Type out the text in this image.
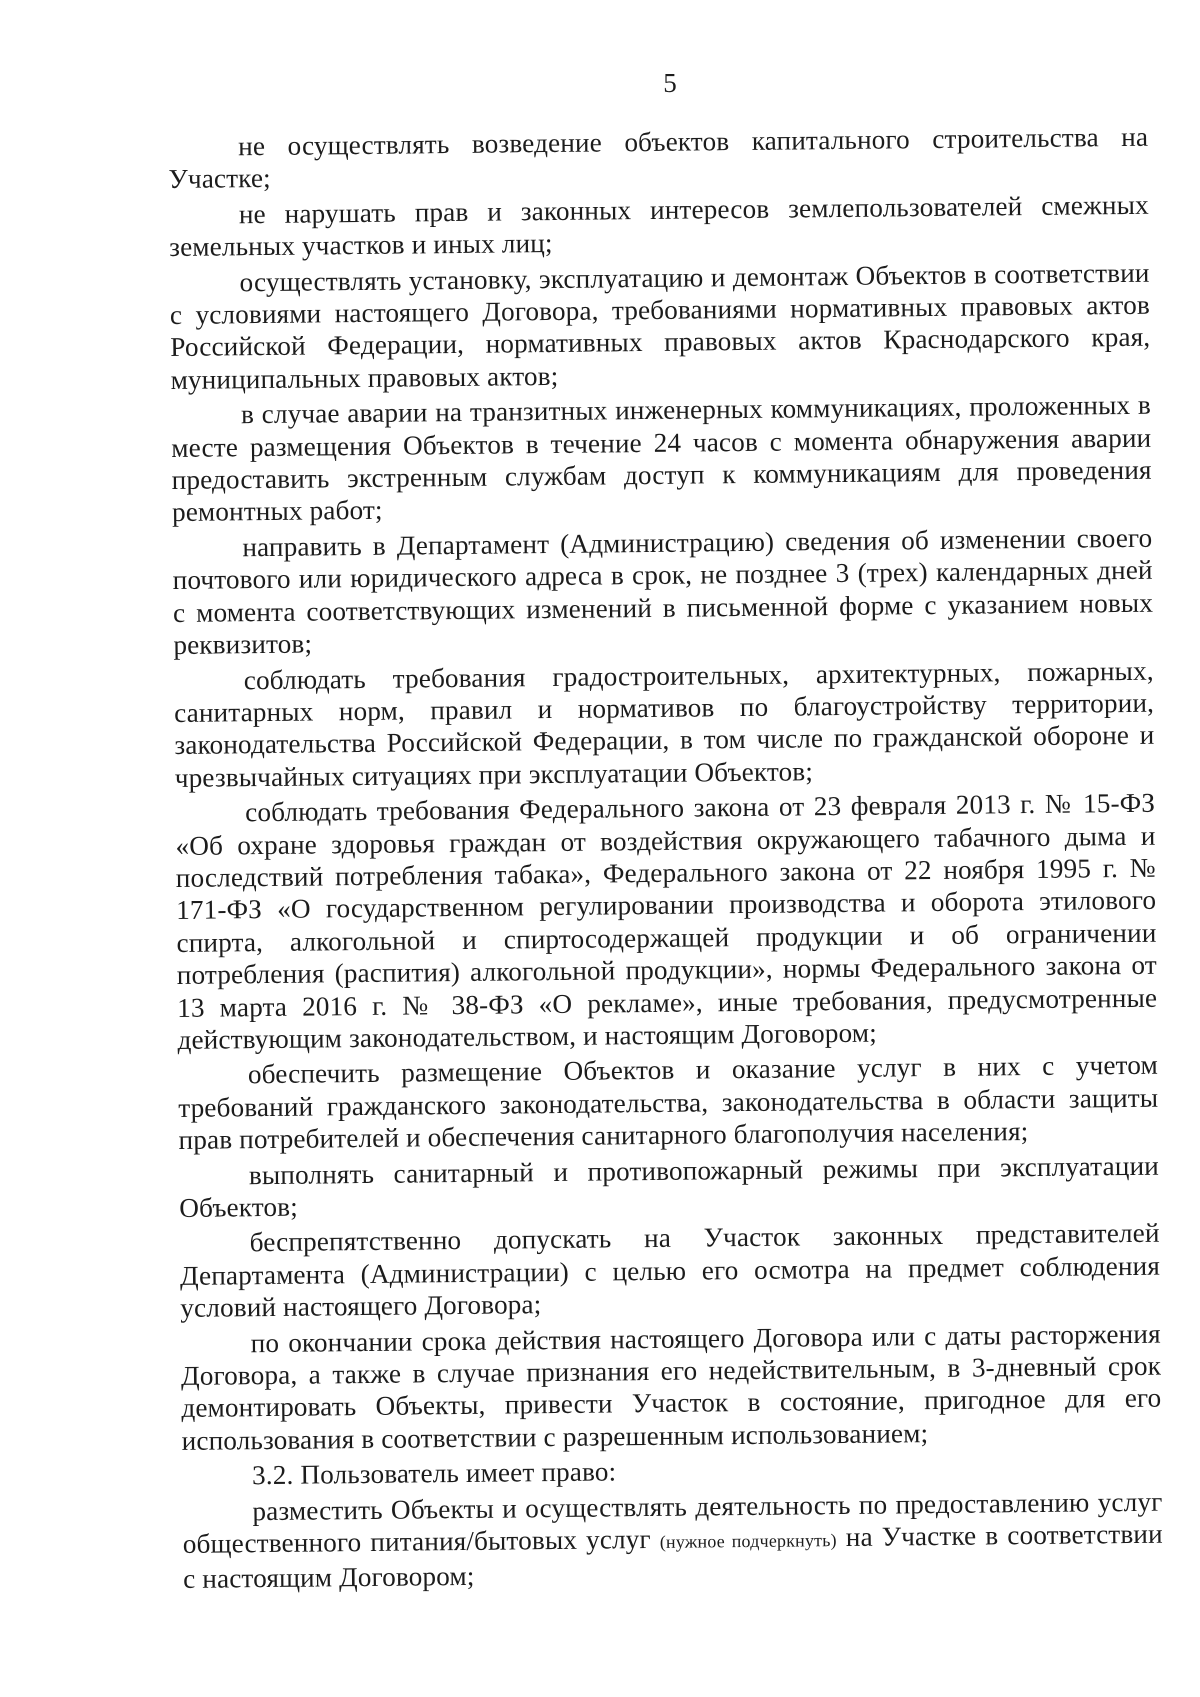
5

не осуществлять возведение объектов капитального строительства на Участке;

не нарушать прав и законных интересов землепользователей смежных земельных участков и иных лиц;

осуществлять установку, эксплуатацию и демонтаж Объектов в соответствии с условиями настоящего Договора, требованиями нормативных правовых актов Российской Федерации, нормативных правовых актов Краснодарского края, муниципальных правовых актов;

в случае аварии на транзитных инженерных коммуникациях, проложенных в месте размещения Объектов в течение 24 часов с момента обнаружения аварии предоставить экстренным службам доступ к коммуникациям для проведения ремонтных работ;

направить в Департамент (Администрацию) сведения об изменении своего почтового или юридического адреса в срок, не позднее 3 (трех) календарных дней с момента соответствующих изменений в письменной форме с указанием новых реквизитов;

соблюдать требования градостроительных, архитектурных, пожарных, санитарных норм, правил и нормативов по благоустройству территории, законодательства Российской Федерации, в том числе по гражданской обороне и чрезвычайных ситуациях при эксплуатации Объектов;

соблюдать требования Федерального закона от 23 февраля 2013 г. № 15-ФЗ «Об охране здоровья граждан от воздействия окружающего табачного дыма и последствий потребления табака», Федерального закона от 22 ноября 1995 г. № 171-ФЗ «О государственном регулировании производства и оборота этилового спирта, алкогольной и спиртосодержащей продукции и об ограничении потребления (распития) алкогольной продукции», нормы Федерального закона от 13 марта 2016 г. № 38-ФЗ «О рекламе», иные требования, предусмотренные действующим законодательством, и настоящим Договором;

обеспечить размещение Объектов и оказание услуг в них с учетом требований гражданского законодательства, законодательства в области защиты прав потребителей и обеспечения санитарного благополучия населения;

выполнять санитарный и противопожарный режимы при эксплуатации Объектов;

беспрепятственно допускать на Участок законных представителей Департамента (Администрации) с целью его осмотра на предмет соблюдения условий настоящего Договора;

по окончании срока действия настоящего Договора или с даты расторжения Договора, а также в случае признания его недействительным, в 3-дневный срок демонтировать Объекты, привести Участок в состояние, пригодное для его использования в соответствии с разрешенным использованием;

3.2. Пользователь имеет право:

разместить Объекты и осуществлять деятельность по предоставлению услуг общественного питания/бытовых услуг (нужное подчеркнуть) на Участке в соответствии с настоящим Договором;
